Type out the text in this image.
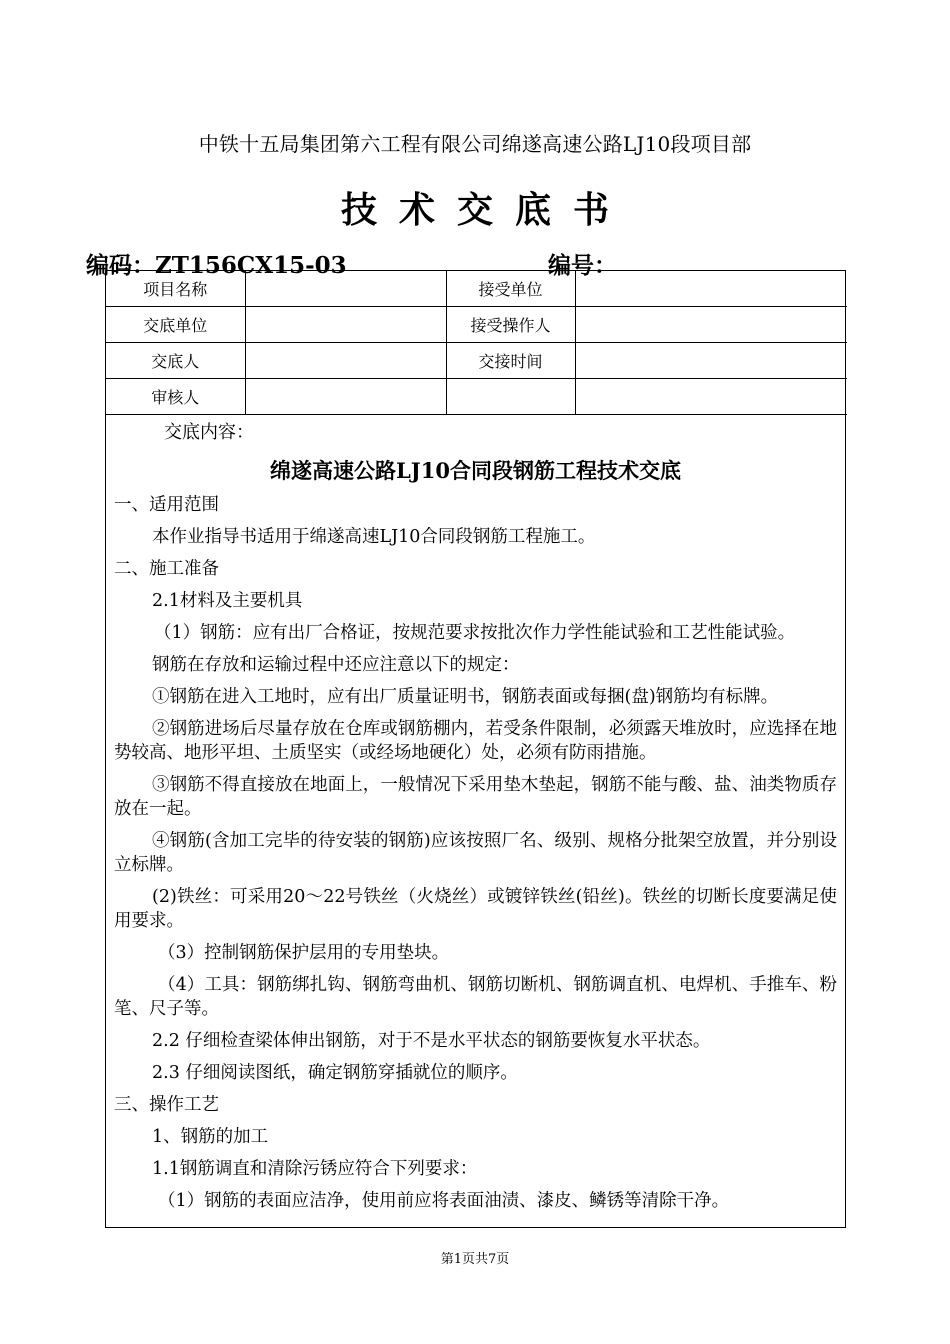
中铁十五局集团第六工程有限公司绵遂高速公路LJ10段项目部
技术交底书
编码：ZT156CX15-03	编号：
项目名称		接受单位	
交底单位		接受操作人	
交底人		交接时间	
审核人			
交底内容：
绵遂高速公路LJ10合同段钢筋工程技术交底

一、适用范围

本作业指导书适用于绵遂高速LJ10合同段钢筋工程施工。

二、施工准备

2.1材料及主要机具

（1）钢筋：应有出厂合格证，按规范要求按批次作力学性能试验和工艺性能试验。

钢筋在存放和运输过程中还应注意以下的规定：

①钢筋在进入工地时，应有出厂质量证明书，钢筋表面或每捆(盘)钢筋均有标牌。

②钢筋进场后尽量存放在仓库或钢筋棚内，若受条件限制，必须露天堆放时，应选择在地势较高、地形平坦、土质坚实（或经场地硬化）处，必须有防雨措施。

③钢筋不得直接放在地面上，一般情况下采用垫木垫起，钢筋不能与酸、盐、油类物质存放在一起。

④钢筋(含加工完毕的待安装的钢筋)应该按照厂名、级别、规格分批架空放置，并分别设立标牌。

(2)铁丝：可采用20～22号铁丝（火烧丝）或镀锌铁丝(铅丝)。铁丝的切断长度要满足使用要求。

（3）控制钢筋保护层用的专用垫块。

（4）工具：钢筋绑扎钩、钢筋弯曲机、钢筋切断机、钢筋调直机、电焊机、手推车、粉笔、尺子等。

2.2 仔细检查梁体伸出钢筋，对于不是水平状态的钢筋要恢复水平状态。

2.3 仔细阅读图纸，确定钢筋穿插就位的顺序。

三、操作工艺

1、钢筋的加工

1.1钢筋调直和清除污锈应符合下列要求：

（1）钢筋的表面应洁净，使用前应将表面油渍、漆皮、鳞锈等清除干净。

第1页共7页
